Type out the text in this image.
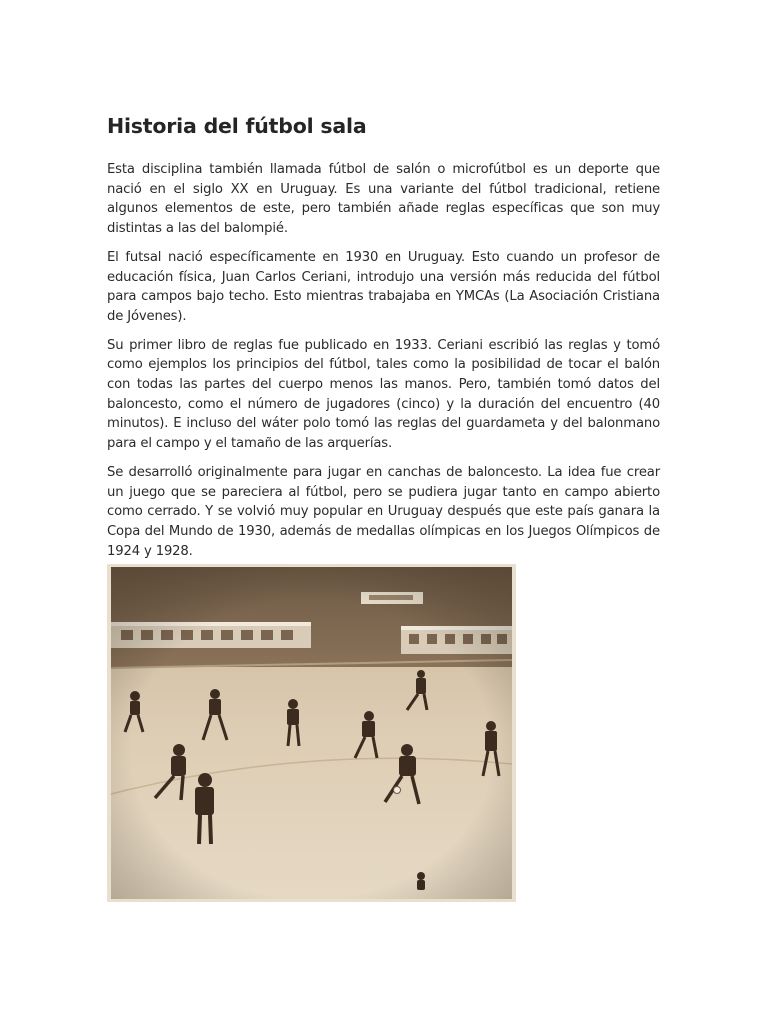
Historia del fútbol sala

Esta disciplina también llamada fútbol de salón o microfútbol es un deporte que nació en el siglo XX en Uruguay. Es una variante del fútbol tradicional, retiene algunos elementos de este, pero también añade reglas específicas que son muy distintas a las del balompié.

El futsal nació específicamente en 1930 en Uruguay. Esto cuando un profesor de educación física, Juan Carlos Ceriani, introdujo una versión más reducida del fútbol para campos bajo techo. Esto mientras trabajaba en YMCAs (La Asociación Cristiana de Jóvenes).

Su primer libro de reglas fue publicado en 1933. Ceriani escribió las reglas y tomó como ejemplos los principios del fútbol, tales como la posibilidad de tocar el balón con todas las partes del cuerpo menos las manos. Pero, también tomó datos del baloncesto, como el número de jugadores (cinco) y la duración del encuentro (40 minutos). E incluso del wáter polo tomó las reglas del guardameta y del balonmano para el campo y el tamaño de las arquerías.

Se desarrolló originalmente para jugar en canchas de baloncesto. La idea fue crear un juego que se pareciera al fútbol, pero se pudiera jugar tanto en campo abierto como cerrado. Y se volvió muy popular en Uruguay después que este país ganara la Copa del Mundo de 1930, además de medallas olímpicas en los Juegos Olímpicos de 1924 y 1928.
